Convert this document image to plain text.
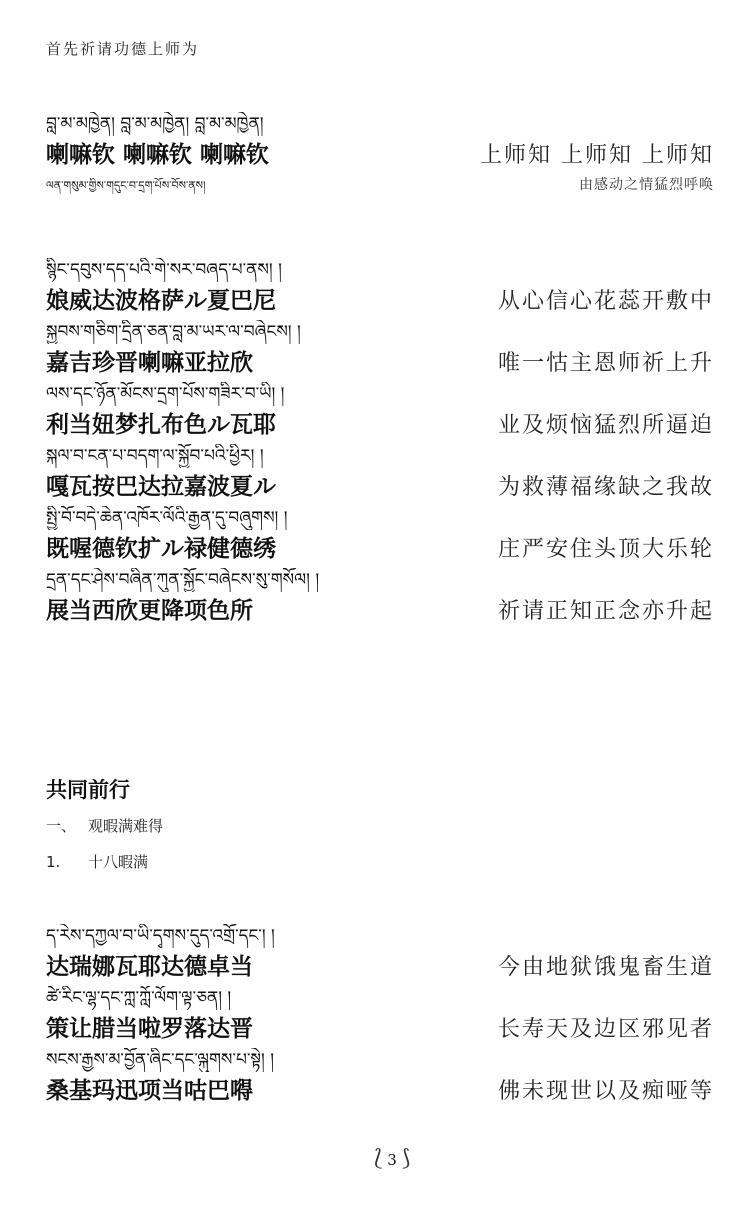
首先祈请功德上师为
བླ་མ་མཁྱེན། བླ་མ་མཁྱེན། བླ་མ་མཁྱེན།
喇嘛钦 喇嘛钦 喇嘛钦	上师知 上师知 上师知
ལན་གསུམ་གྱིས་གདུང་བ་དྲག་པོས་བོས་ནས།	由感动之情猛烈呼唤
སྙིང་དབུས་དད་པའི་གེ་སར་བཞད་པ་ནས། །
娘威达波格萨ル夏巴尼	从心信心花蕊开敷中
སྐྱབས་གཅིག་དྲིན་ཅན་བླ་མ་ཡར་ལ་བཞེངས། །
嘉吉珍晋喇嘛亚拉欣	唯一怙主恩师祈上升
ལས་དང་ཉོན་མོངས་དྲག་པོས་གཟིར་བ་ཡི། །
利当妞梦扎布色ル瓦耶	业及烦恼猛烈所逼迫
སྐལ་བ་ངན་པ་བདག་ལ་སྐྱོབ་པའི་ཕྱིར། །
嘎瓦按巴达拉嘉波夏ル	为救薄福缘缺之我故
སྤྱི་བོ་བདེ་ཆེན་འཁོར་ལོའི་རྒྱན་དུ་བཞུགས། །
既喔德钦扩ル禄健德绣	庄严安住头顶大乐轮
དྲན་དང་ཤེས་བཞིན་ཀུན་སྐྱོང་བཞེངས་སུ་གསོལ། །
展当西欣更降项色所	祈请正知正念亦升起
共同前行
一、 观暇满难得
1. 十八暇满
ད་རེས་དཀྱལ་བ་ཡི་དྭགས་དུད་འགྲོ་དང་། །
达瑞娜瓦耶达德卓当	今由地狱饿鬼畜生道
ཚེ་རིང་ལྷ་དང་ཀླ་ཀློ་ལོག་ལྟ་ཅན། །
策让腊当啦罗落达晋	长寿天及边区邪见者
སངས་རྒྱས་མ་བྱོན་ཞིང་དང་ལྐུགས་པ་སྟེ། །
桑基玛迅项当咕巴嘚	佛未现世以及痴哑等
⟅ 3 ⟆
